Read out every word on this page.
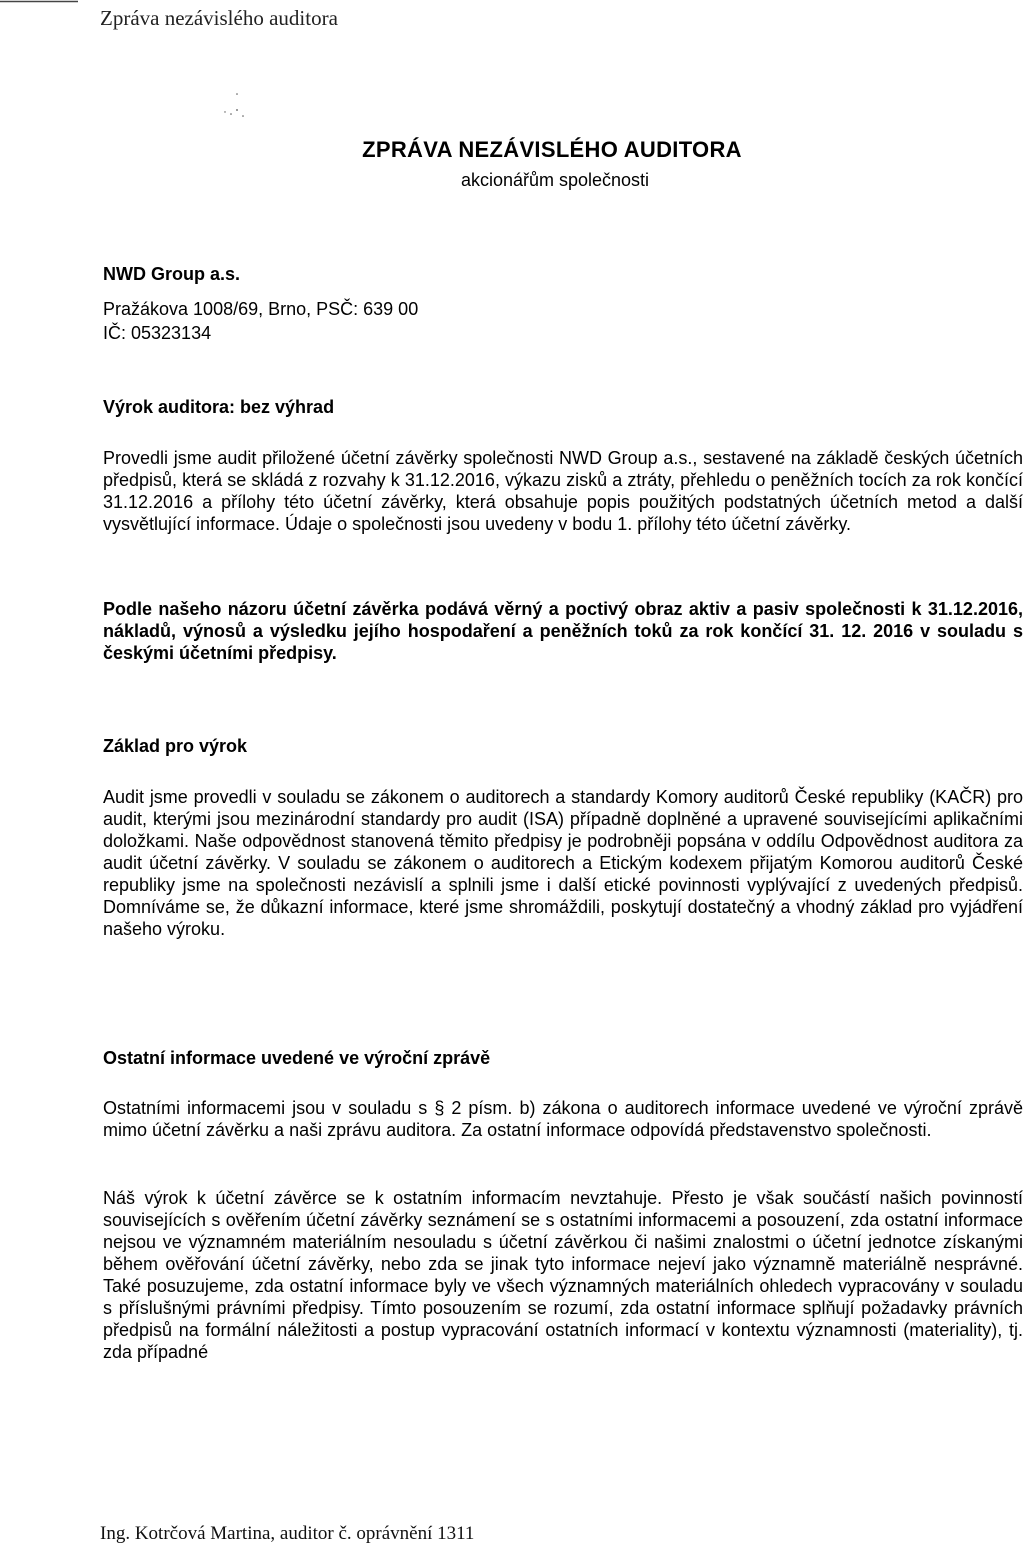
Zpráva nezávislého auditora
ZPRÁVA NEZÁVISLÉHO AUDITORA
akcionářům společnosti
NWD Group a.s.
Pražákova 1008/69, Brno, PSČ: 639 00
IČ: 05323134
Výrok auditora: bez výhrad
Provedli jsme audit přiložené účetní závěrky společnosti NWD Group a.s., sestavené na základě českých účetních předpisů, která se skládá z rozvahy k 31.12.2016, výkazu zisků a ztráty, přehledu o peněžních tocích za rok končící 31.12.2016 a přílohy této účetní závěrky, která obsahuje popis použitých podstatných účetních metod a další vysvětlující informace. Údaje o společnosti jsou uvedeny v bodu 1. přílohy této účetní závěrky.
Podle našeho názoru účetní závěrka podává věrný a poctivý obraz aktiv a pasiv společnosti k 31.12.2016, nákladů, výnosů a výsledku jejího hospodaření a peněžních toků za rok končící 31. 12. 2016 v souladu s českými účetními předpisy.
Základ pro výrok
Audit jsme provedli v souladu se zákonem o auditorech a standardy Komory auditorů České republiky (KAČR) pro audit, kterými jsou mezinárodní standardy pro audit (ISA) případně doplněné a upravené souvisejícími aplikačními doložkami. Naše odpovědnost stanovená těmito předpisy je podrobněji popsána v oddílu Odpovědnost auditora za audit účetní závěrky. V souladu se zákonem o auditorech a Etickým kodexem přijatým Komorou auditorů České republiky jsme na společnosti nezávislí a splnili jsme i další etické povinnosti vyplývající z uvedených předpisů. Domníváme se, že důkazní informace, které jsme shromáždili, poskytují dostatečný a vhodný základ pro vyjádření našeho výroku.
Ostatní informace uvedené ve výroční zprávě
Ostatními informacemi jsou v souladu s § 2 písm. b) zákona o auditorech informace uvedené ve výroční zprávě mimo účetní závěrku a naši zprávu auditora. Za ostatní informace odpovídá představenstvo společnosti.
Náš výrok k účetní závěrce se k ostatním informacím nevztahuje. Přesto je však součástí našich povinností souvisejících s ověřením účetní závěrky seznámení se s ostatními informacemi a posouzení, zda ostatní informace nejsou ve významném materiálním nesouladu s účetní závěrkou či našimi znalostmi o účetní jednotce získanými během ověřování účetní závěrky, nebo zda se jinak tyto informace nejeví jako významně materiálně nesprávné. Také posuzujeme, zda ostatní informace byly ve všech významných materiálních ohledech vypracovány v souladu s příslušnými právními předpisy. Tímto posouzením se rozumí, zda ostatní informace splňují požadavky právních předpisů na formální náležitosti a postup vypracování ostatních informací v kontextu významnosti (materiality), tj. zda případné
Ing. Kotrčová Martina, auditor č. oprávnění 1311
